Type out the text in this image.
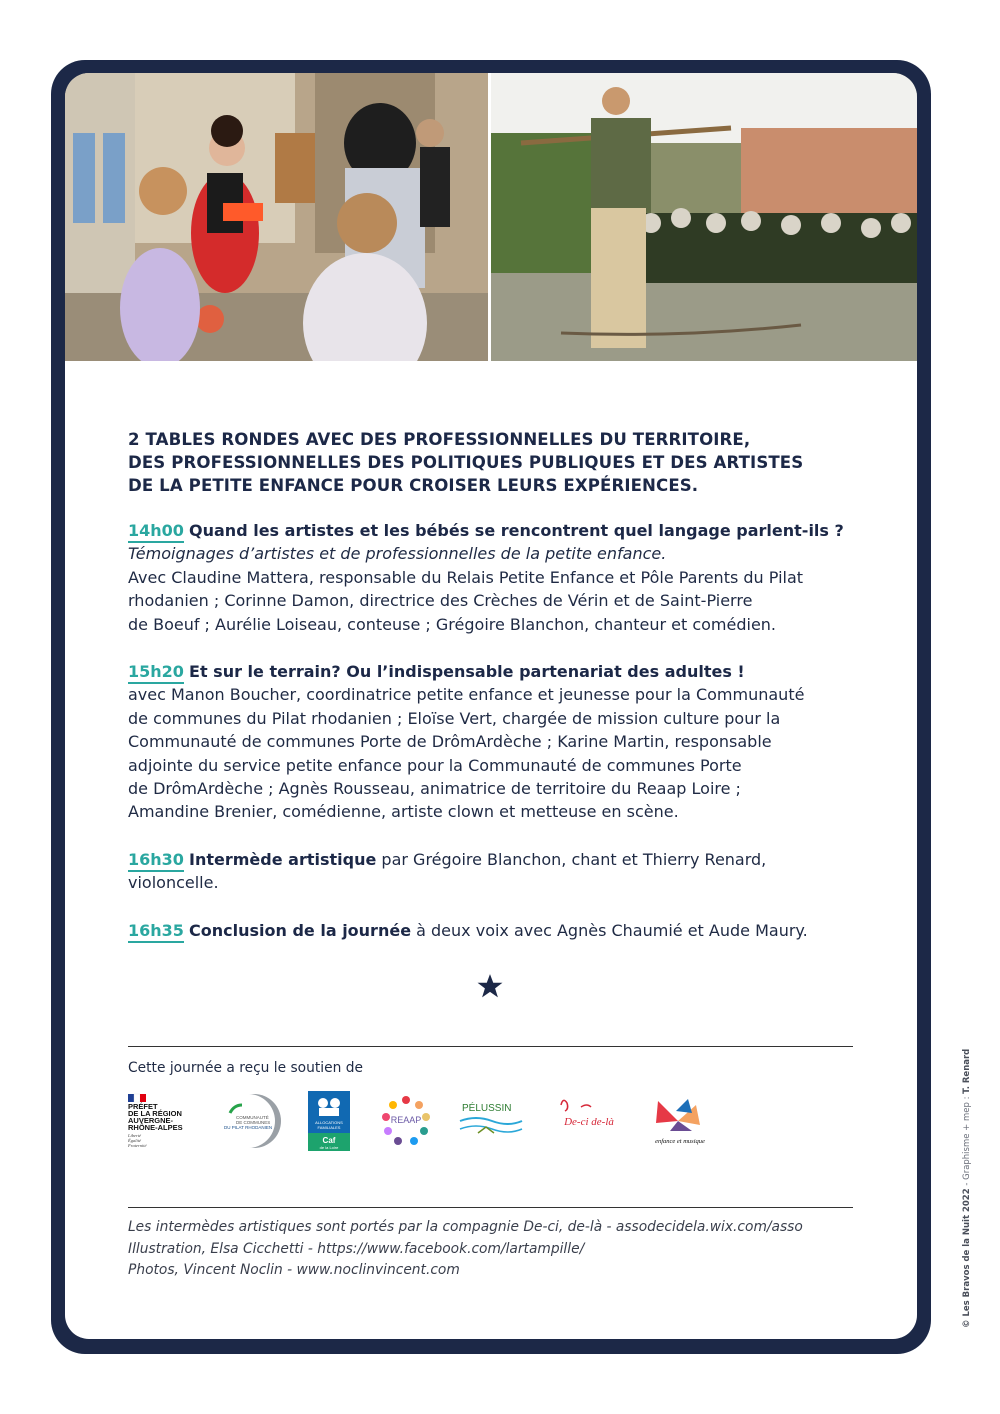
2 TABLES RONDES AVEC DES PROFESSIONNELLES DU TERRITOIRE,
DES PROFESSIONNELLES DES POLITIQUES PUBLIQUES ET DES ARTISTES
DE LA PETITE ENFANCE POUR CROISER LEURS EXPÉRIENCES.
14h00 Quand les artistes et les bébés se rencontrent quel langage parlent-ils ?
Témoignages d’artistes et de professionnelles de la petite enfance.
Avec Claudine Mattera, responsable du Relais Petite Enfance et Pôle Parents du Pilat
rhodanien ; Corinne Damon, directrice des Crèches de Vérin et de Saint-Pierre
de Boeuf ; Aurélie Loiseau, conteuse ; Grégoire Blanchon, chanteur et comédien.
15h20 Et sur le terrain? Ou l’indispensable partenariat des adultes !
avec Manon Boucher, coordinatrice petite enfance et jeunesse pour la Communauté
de communes du Pilat rhodanien ; Eloïse Vert, chargée de mission culture pour la
Communauté de communes Porte de DrômArdèche ; Karine Martin, responsable
adjointe du service petite enfance pour la Communauté de communes Porte
de DrômArdèche ; Agnès Rousseau, animatrice de territoire du Reaap Loire ;
Amandine Brenier, comédienne, artiste clown et metteuse en scène.
16h30 Intermède artistique par Grégoire Blanchon, chant et Thierry Renard,
violoncelle.
16h35 Conclusion de la journée à deux voix avec Agnès Chaumié et Aude Maury.
Cette journée a reçu le soutien de
PRÉFET
DE LA RÉGION
AUVERGNE-
RHÔNE-ALPES
Liberté
Égalité
Fraternité
COMMUNAUTÉ
DE COMMUNES
DU PILAT RHODANIEN
ALLOCATIONS
FAMILIALES
Caf
de la Loire
REAAP
PÉLUSSIN
De-ci de-là
enfance et musique
Les intermèdes artistiques sont portés par la compagnie De-ci, de-là - assodecidela.wix.com/asso
Illustration, Elsa Cicchetti - https://www.facebook.com/lartampille/
Photos, Vincent Noclin - www.noclinvincent.com	© Les Bravos de la Nuit 2022 - Graphisme + mep : T. Renard
